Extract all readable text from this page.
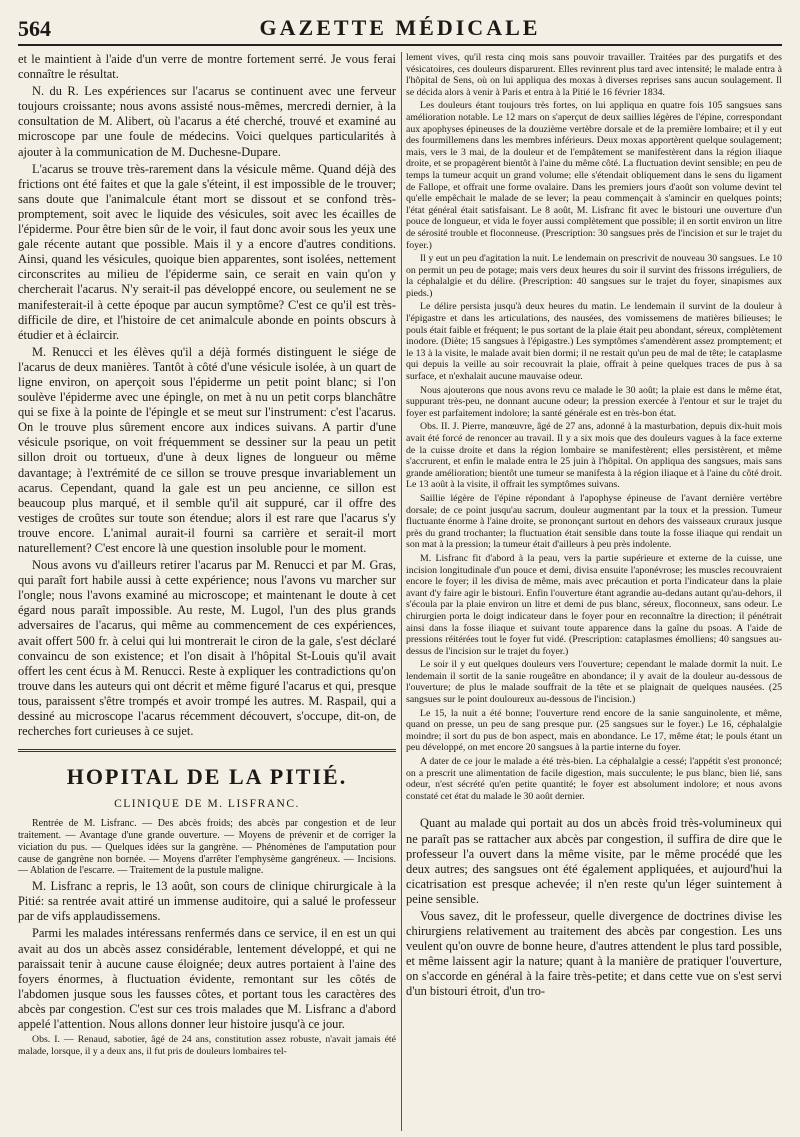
564	GAZETTE MÉDICALE

et le maintient à l'aide d'un verre de montre fortement serré. Je vous ferai connaître le résultat.

N. du R. Les expériences sur l'acarus se continuent avec une ferveur toujours croissante; nous avons assisté nous-mêmes, mercredi dernier, à la consultation de M. Alibert, où l'acarus a été cherché, trouvé et examiné au microscope par une foule de médecins. Voici quelques particularités à ajouter à la communication de M. Duchesne-Dupare.

L'acarus se trouve très-rarement dans la vésicule même. Quand déjà des frictions ont été faites et que la gale s'éteint, il est impossible de le trouver; sans doute que l'animalcule étant mort se dissout et se confond très-promptement, soit avec le liquide des vésicules, soit avec les écailles de l'épiderme. Pour être bien sûr de le voir, il faut donc avoir sous les yeux une gale récente autant que possible. Mais il y a encore d'autres conditions. Ainsi, quand les vésicules, quoique bien apparentes, sont isolées, nettement circonscrites au milieu de l'épiderme sain, ce serait en vain qu'on y chercherait l'acarus. N'y serait-il pas développé encore, ou seulement ne se manifesterait-il à cette époque par aucun symptôme? C'est ce qu'il est très-difficile de dire, et l'histoire de cet animalcule abonde en points obscurs à étudier et à éclaircir.

M. Renucci et les élèves qu'il a déjà formés distinguent le siége de l'acarus de deux manières. Tantôt à côté d'une vésicule isolée, à un quart de ligne environ, on aperçoit sous l'épiderme un petit point blanc; si l'on soulève l'épiderme avec une épingle, on met à nu un petit corps blanchâtre qui se fixe à la pointe de l'épingle et se meut sur l'instrument: c'est l'acarus. On le trouve plus sûrement encore aux indices suivans. A partir d'une vésicule psorique, on voit fréquemment se dessiner sur la peau un petit sillon droit ou tortueux, d'une à deux lignes de longueur ou même davantage; à l'extrémité de ce sillon se trouve presque invariablement un acarus. Cependant, quand la gale est un peu ancienne, ce sillon est beaucoup plus marqué, et il semble qu'il ait suppuré, car il offre des vestiges de croûtes sur toute son étendue; alors il est rare que l'acarus s'y trouve encore. L'animal aurait-il fourni sa carrière et serait-il mort naturellement? C'est encore là une question insoluble pour le moment.

Nous avons vu d'ailleurs retirer l'acarus par M. Renucci et par M. Gras, qui paraît fort habile aussi à cette expérience; nous l'avons vu marcher sur l'ongle; nous l'avons examiné au microscope; et maintenant le doute à cet égard nous paraît impossible. Au reste, M. Lugol, l'un des plus grands adversaires de l'acarus, qui même au commencement de ces expériences, avait offert 500 fr. à celui qui lui montrerait le ciron de la gale, s'est déclaré convaincu de son existence; et l'on disait à l'hôpital St-Louis qu'il avait offert les cent écus à M. Renucci. Reste à expliquer les contradictions qu'on trouve dans les auteurs qui ont décrit et même figuré l'acarus et qui, presque tous, paraissent s'être trompés et avoir trompé les autres. M. Raspail, qui a dessiné au microscope l'acarus récemment découvert, s'occupe, dit-on, de recherches fort curieuses à ce sujet.

HOPITAL DE LA PITIÉ.
CLINIQUE DE M. LISFRANC.

Rentrée de M. Lisfranc. — Des abcès froids; des abcès par congestion et de leur traitement. — Avantage d'une grande ouverture. — Moyens de prévenir et de corriger la viciation du pus. — Quelques idées sur la gangrène. — Phénomènes de l'amputation pour cause de gangrène non bornée. — Moyens d'arrêter l'emphysème gangréneux. — Incisions. — Ablation de l'escarre. — Traitement de la pustule maligne.

M. Lisfranc a repris, le 13 août, son cours de clinique chirurgicale à la Pitié: sa rentrée avait attiré un immense auditoire, qui a salué le professeur par de vifs applaudissemens.

Parmi les malades intéressans renfermés dans ce service, il en est un qui avait au dos un abcès assez considérable, lentement développé, et qui ne paraissait tenir à aucune cause éloignée; deux autres portaient à l'aine des foyers énormes, à fluctuation évidente, remontant sur les côtés de l'abdomen jusque sous les fausses côtes, et portant tous les caractères des abcès par congestion. C'est sur ces trois malades que M. Lisfranc a d'abord appelé l'attention. Nous allons donner leur histoire jusqu'à ce jour.

Obs. I. — Renaud, sabotier, âgé de 24 ans, constitution assez robuste, n'avait jamais été malade, lorsque, il y a deux ans, il fut pris de douleurs lombaires tel-

lement vives, qu'il resta cinq mois sans pouvoir travailler. Traitées par des purgatifs et des vésicatoires, ces douleurs disparurent. Elles revinrent plus tard avec intensité; le malade entra à l'hôpital de Sens, où on lui appliqua des moxas à diverses reprises sans aucun soulagement. Il se décida alors à venir à Paris et entra à la Pitié le 16 février 1834.

Les douleurs étant toujours très fortes, on lui appliqua en quatre fois 105 sangsues sans amélioration notable. Le 12 mars on s'aperçut de deux saillies légères de l'épine, correspondant aux apophyses épineuses de la douzième vertèbre dorsale et de la première lombaire; et il y eut des fourmillemens dans les membres inférieurs. Deux moxas apportèrent quelque soulagement; mais, vers le 3 mai, de la douleur et de l'empâtement se manifestèrent dans la région iliaque droite, et se propagèrent bientôt à l'aine du même côté. La fluctuation devint sensible; en peu de temps la tumeur acquit un grand volume; elle s'étendait obliquement dans le sens du ligament de Fallope, et offrait une forme ovalaire. Dans les premiers jours d'août son volume devint tel qu'elle empêchait le malade de se lever; la peau commençait à s'amincir en quelques points; l'état général était satisfaisant. Le 8 août, M. Lisfranc fit avec le bistouri une ouverture d'un pouce de longueur, et vida le foyer aussi complètement que possible; il en sortit environ un litre de sérosité trouble et floconneuse. (Prescription: 30 sangsues près de l'incision et sur le trajet du foyer.)

Il y eut un peu d'agitation la nuit. Le lendemain on prescrivit de nouveau 30 sangsues. Le 10 on permit un peu de potage; mais vers deux heures du soir il survint des frissons irréguliers, de la céphalalgie et du délire. (Prescription: 40 sangsues sur le trajet du foyer, sinapismes aux pieds.)

Le délire persista jusqu'à deux heures du matin. Le lendemain il survint de la douleur à l'épigastre et dans les articulations, des nausées, des vomissemens de matières bilieuses; le pouls était faible et fréquent; le pus sortant de la plaie était peu abondant, séreux, complètement inodore. (Diète; 15 sangsues à l'épigastre.) Les symptômes s'amendèrent assez promptement; et le 13 à la visite, le malade avait bien dormi; il ne restait qu'un peu de mal de tête; le cataplasme qui depuis la veille au soir recouvrait la plaie, offrait à peine quelques traces de pus à sa surface, et n'exhalait aucune mauvaise odeur.

Nous ajouterons que nous avons revu ce malade le 30 août; la plaie est dans le même état, suppurant très-peu, ne donnant aucune odeur; la pression exercée à l'entour et sur le trajet du foyer est parfaitement indolore; la santé générale est en très-bon état.

Obs. II. J. Pierre, manœuvre, âgé de 27 ans, adonné à la masturbation, depuis dix-huit mois avait été forcé de renoncer au travail. Il y a six mois que des douleurs vagues à la face externe de la cuisse droite et dans la région lombaire se manifestèrent; elles persistèrent, et même s'accrurent, et enfin le malade entra le 25 juin à l'hôpital. On appliqua des sangsues, mais sans grande amélioration; bientôt une tumeur se manifesta à la région iliaque et à l'aine du côté droit. Le 13 août à la visite, il offrait les symptômes suivans.

Saillie légère de l'épine répondant à l'apophyse épineuse de l'avant dernière vertèbre dorsale; de ce point jusqu'au sacrum, douleur augmentant par la toux et la pression. Tumeur fluctuante énorme à l'aine droite, se prononçant surtout en dehors des vaisseaux cruraux jusque près du grand trochanter; la fluctuation était sensible dans toute la fosse iliaque qui rendait un son mat à la pression; la tumeur était d'ailleurs à peu près indolente.

M. Lisfranc fit d'abord à la peau, vers la partie supérieure et externe de la cuisse, une incision longitudinale d'un pouce et demi, divisa ensuite l'aponévrose; les muscles recouvraient encore le foyer; il les divisa de même, mais avec précaution et porta l'indicateur dans la plaie avant d'y faire agir le bistouri. Enfin l'ouverture étant agrandie au-dedans autant qu'au-dehors, il s'écoula par la plaie environ un litre et demi de pus blanc, séreux, floconneux, sans odeur. Le chirurgien porta le doigt indicateur dans le foyer pour en reconnaître la direction; il pénétrait ainsi dans la fosse iliaque et suivant toute apparence dans la gaîne du psoas. A l'aide de pressions réitérées tout le foyer fut vidé. (Prescription: cataplasmes émolliens; 40 sangsues au-dessus de l'incision sur le trajet du foyer.)

Le soir il y eut quelques douleurs vers l'ouverture; cependant le malade dormit la nuit. Le lendemain il sortit de la sanie rougeâtre en abondance; il y avait de la douleur au-dessous de l'ouverture; de plus le malade souffrait de la tête et se plaignait de quelques nausées. (25 sangsues sur le point douloureux au-dessous de l'incision.)

Le 15, la nuit a été bonne; l'ouverture rend encore de la sanie sanguinolente, et même, quand on presse, un peu de sang presque pur. (25 sangsues sur le foyer.) Le 16, céphalalgie moindre; il sort du pus de bon aspect, mais en abondance. Le 17, même état; le pouls étant un peu développé, on met encore 20 sangsues à la partie interne du foyer.

A dater de ce jour le malade a été très-bien. La céphalalgie a cessé; l'appétit s'est prononcé; on a prescrit une alimentation de facile digestion, mais succulente; le pus blanc, bien lié, sans odeur, n'est sécrété qu'en petite quantité; le foyer est absolument indolore; et nous avons constaté cet état du malade le 30 août dernier.

Quant au malade qui portait au dos un abcès froid très-volumineux qui ne paraît pas se rattacher aux abcès par congestion, il suffira de dire que le professeur l'a ouvert dans la même visite, par le même procédé que les deux autres; des sangsues ont été également appliquées, et aujourd'hui la cicatrisation est presque achevée; il n'en reste qu'un léger suintement à peine sensible.

Vous savez, dit le professeur, quelle divergence de doctrines divise les chirurgiens relativement au traitement des abcès par congestion. Les uns veulent qu'on ouvre de bonne heure, d'autres attendent le plus tard possible, et même laissent agir la nature; quant à la manière de pratiquer l'ouverture, on s'accorde en général à la faire très-petite; et dans cette vue on s'est servi d'un bistouri étroit, d'un tro-
